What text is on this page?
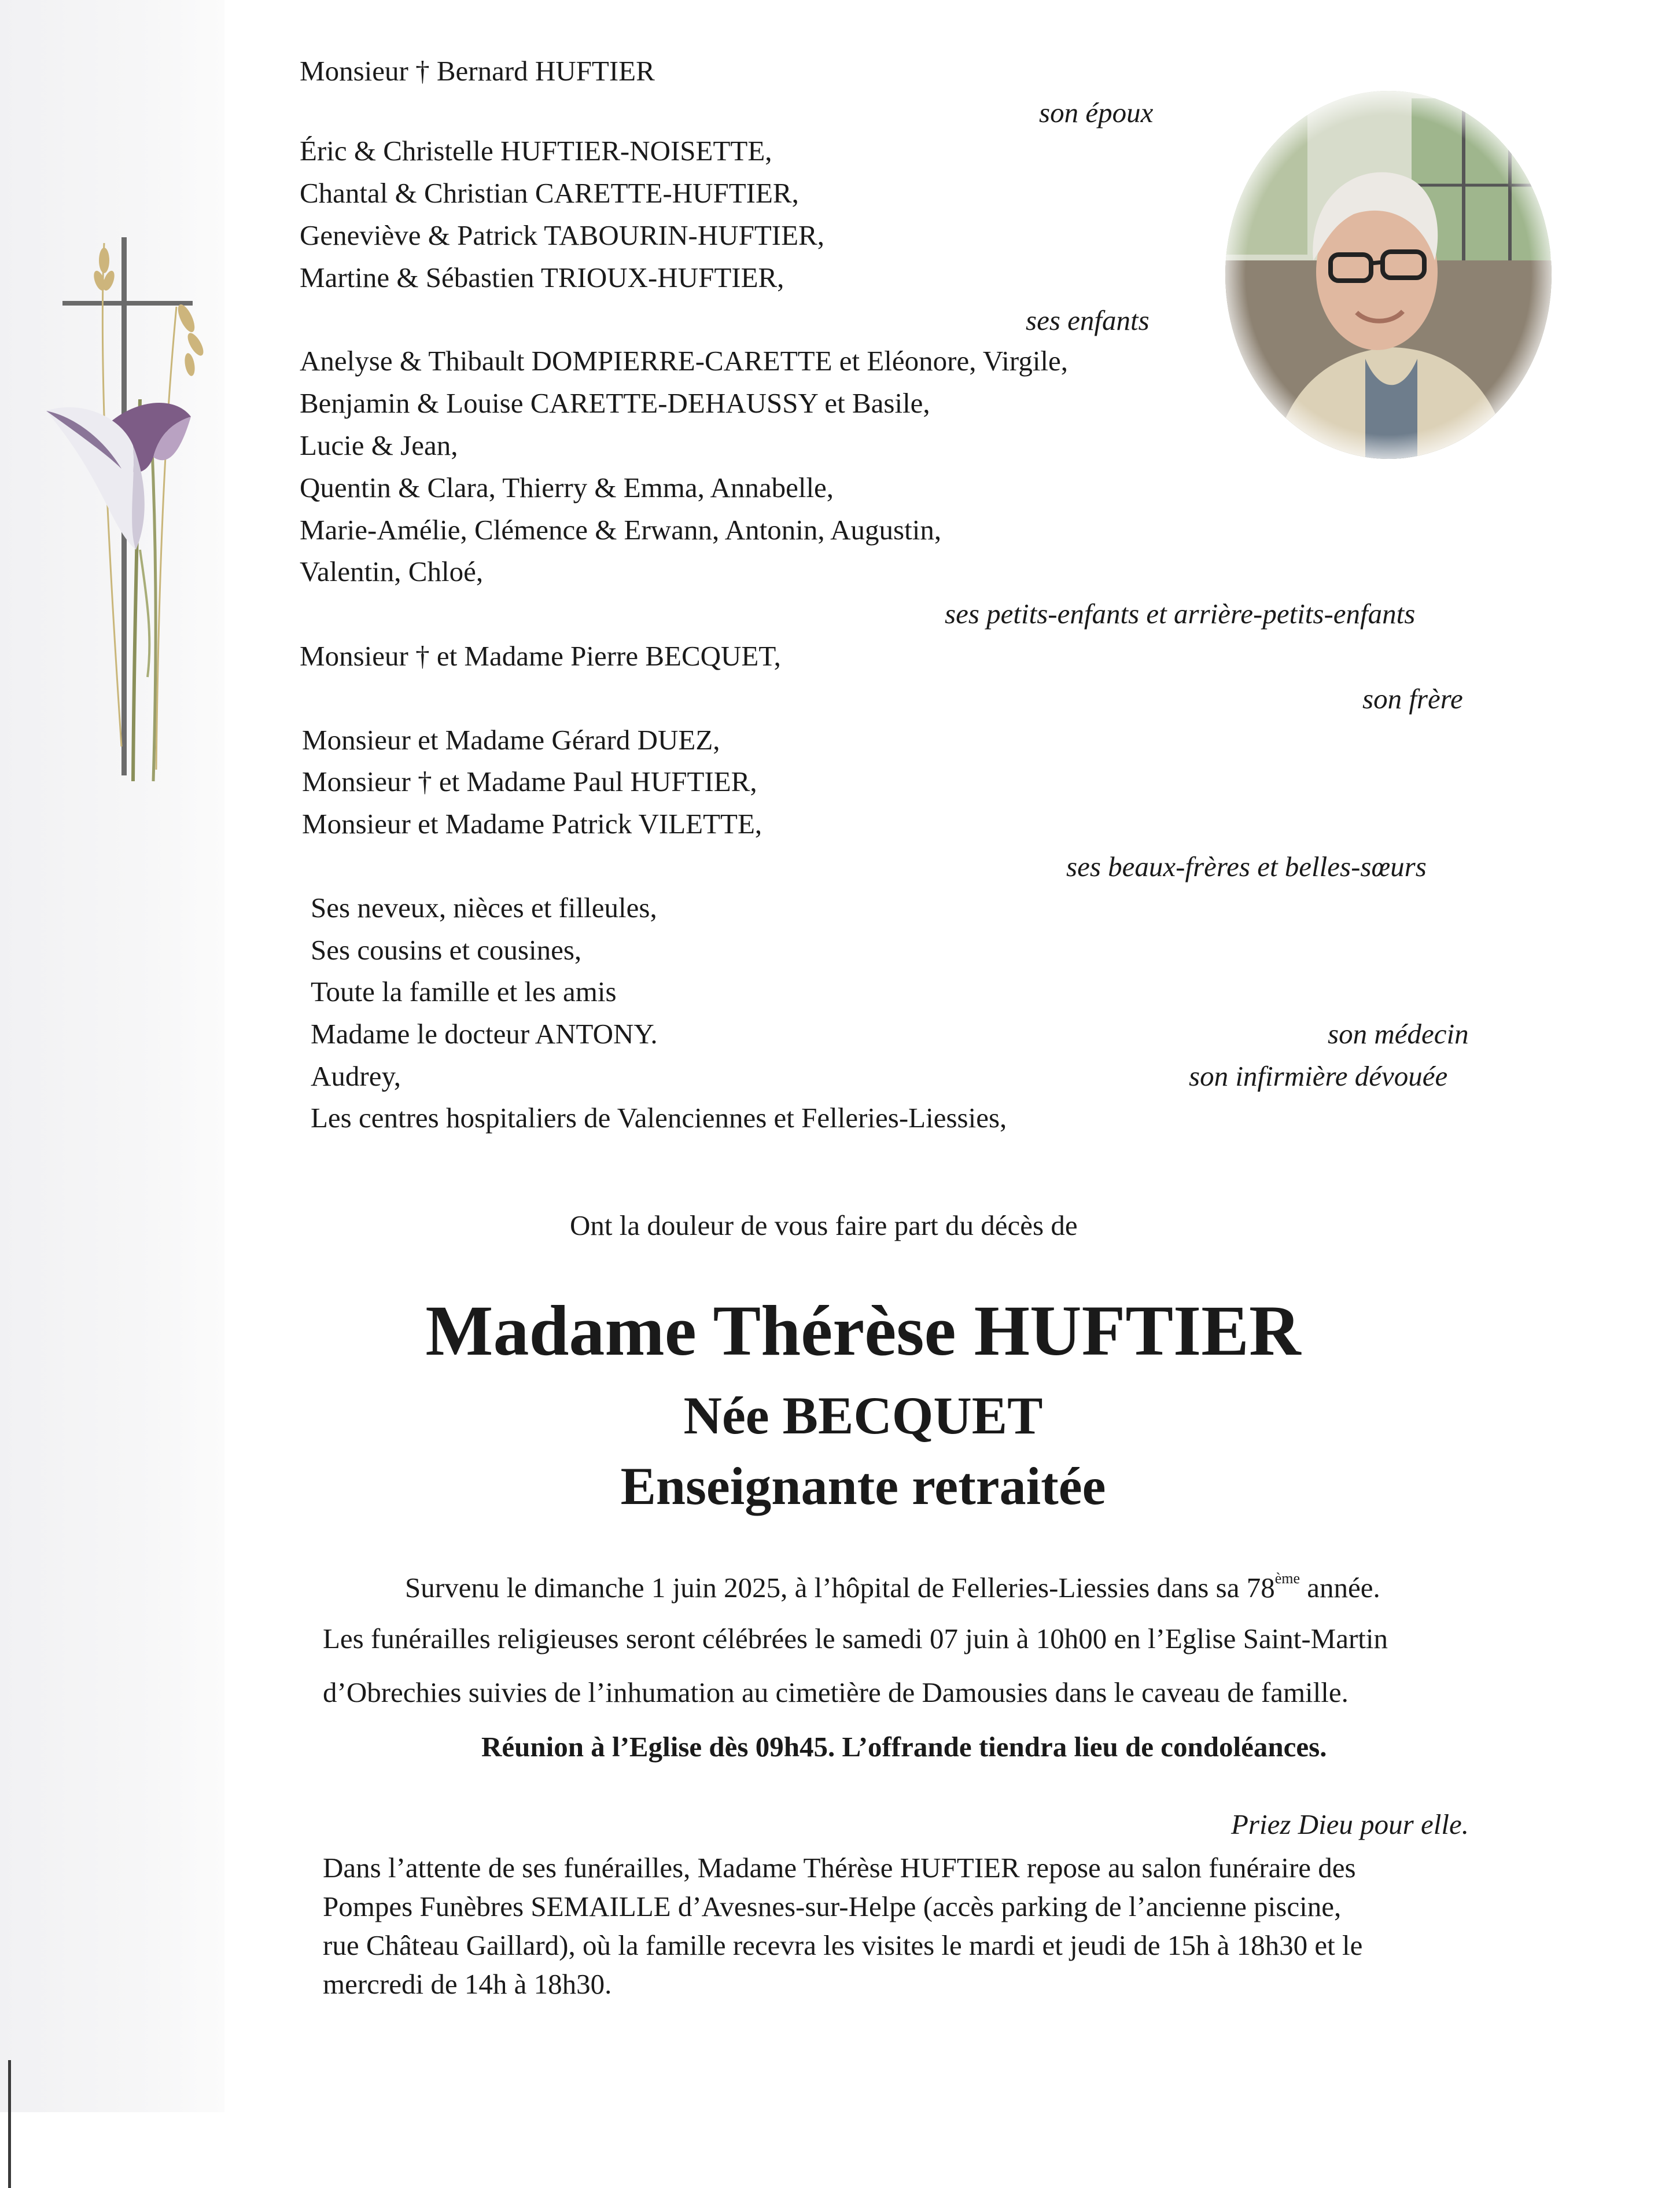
Monsieur † Bernard HUFTIER
son époux
Éric & Christelle HUFTIER-NOISETTE,
Chantal & Christian CARETTE-HUFTIER,
Geneviève & Patrick TABOURIN-HUFTIER,
Martine & Sébastien TRIOUX-HUFTIER,
ses enfants
Anelyse & Thibault DOMPIERRE-CARETTE et Eléonore, Virgile,
Benjamin & Louise CARETTE-DEHAUSSY et Basile,
Lucie & Jean,
Quentin & Clara, Thierry & Emma, Annabelle,
Marie-Amélie, Clémence & Erwann, Antonin, Augustin,
Valentin, Chloé,
ses petits-enfants et arrière-petits-enfants
Monsieur † et Madame Pierre BECQUET,
son frère
Monsieur et Madame Gérard DUEZ,
Monsieur † et Madame Paul HUFTIER,
Monsieur et Madame Patrick VILETTE,
ses beaux-frères et belles-sœurs
Ses neveux, nièces et filleules,
Ses cousins et cousines,
Toute la famille et les amis
Madame le docteur ANTONY.	son médecin
Audrey,	son infirmière dévouée
Les centres hospitaliers de Valenciennes et Felleries-Liessies,
Ont la douleur de vous faire part du décès de
Madame Thérèse HUFTIER
Née BECQUET
Enseignante retraitée
Survenu le dimanche 1 juin 2025, à l’hôpital de Felleries-Liessies dans sa 78ème année.
Les funérailles religieuses seront célébrées le samedi 07 juin à 10h00 en l’Eglise Saint-Martin
d’Obrechies suivies de l’inhumation au cimetière de Damousies dans le caveau de famille.
Réunion à l’Eglise dès 09h45. L’offrande tiendra lieu de condoléances.
Priez Dieu pour elle.
Dans l’attente de ses funérailles, Madame Thérèse HUFTIER repose au salon funéraire des
Pompes Funèbres SEMAILLE d’Avesnes-sur-Helpe (accès parking de l’ancienne piscine,
rue Château Gaillard), où la famille recevra les visites le mardi et jeudi de 15h à 18h30 et le
mercredi de 14h à 18h30.
